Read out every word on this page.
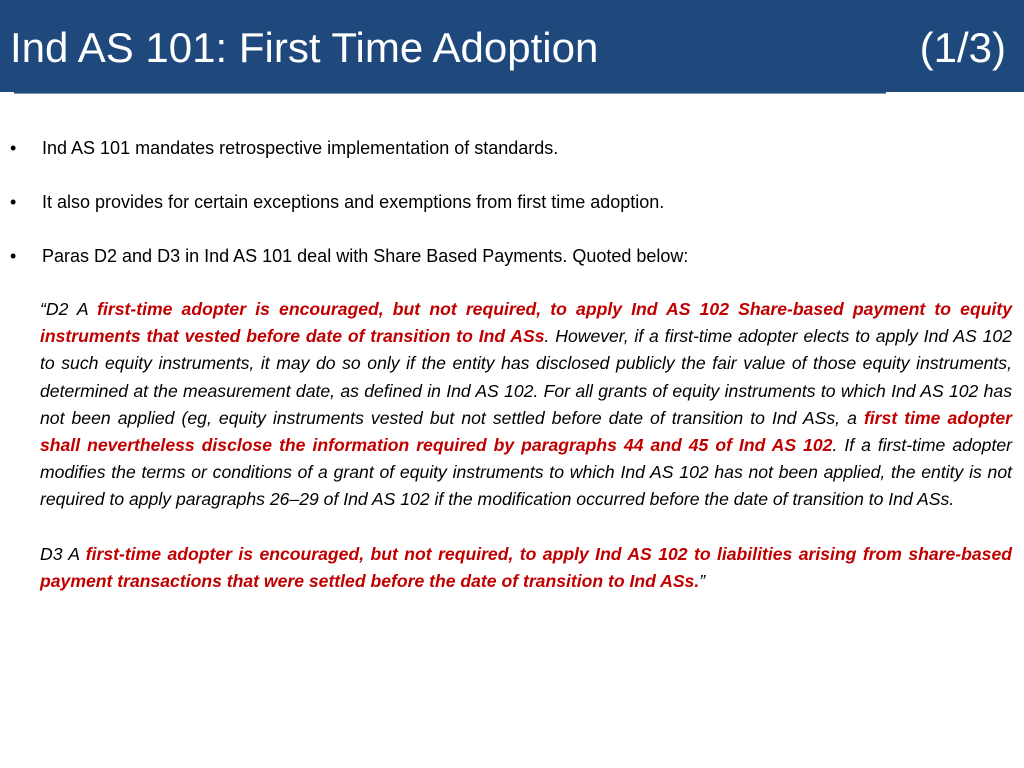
Ind AS 101: First Time Adoption	(1/3)
•	Ind AS 101 mandates retrospective implementation of standards.
•	It also provides for certain exceptions and exemptions from first time adoption.
•	Paras D2 and D3 in Ind AS 101 deal with Share Based Payments. Quoted below:

“D2 A first-time adopter is encouraged, but not required, to apply Ind AS 102 Share-based payment to equity instruments that vested before date of transition to Ind ASs. However, if a first-time adopter elects to apply Ind AS 102 to such equity instruments, it may do so only if the entity has disclosed publicly the fair value of those equity instruments, determined at the measurement date, as defined in Ind AS 102. For all grants of equity instruments to which Ind AS 102 has not been applied (eg, equity instruments vested but not settled before date of transition to Ind ASs, a first time adopter shall nevertheless disclose the information required by paragraphs 44 and 45 of Ind AS 102. If a first-time adopter modifies the terms or conditions of a grant of equity instruments to which Ind AS 102 has not been applied, the entity is not required to apply paragraphs 26–29 of Ind AS 102 if the modification occurred before the date of transition to Ind ASs.

D3 A first-time adopter is encouraged, but not required, to apply Ind AS 102 to liabilities arising from share-based payment transactions that were settled before the date of transition to Ind ASs.”
